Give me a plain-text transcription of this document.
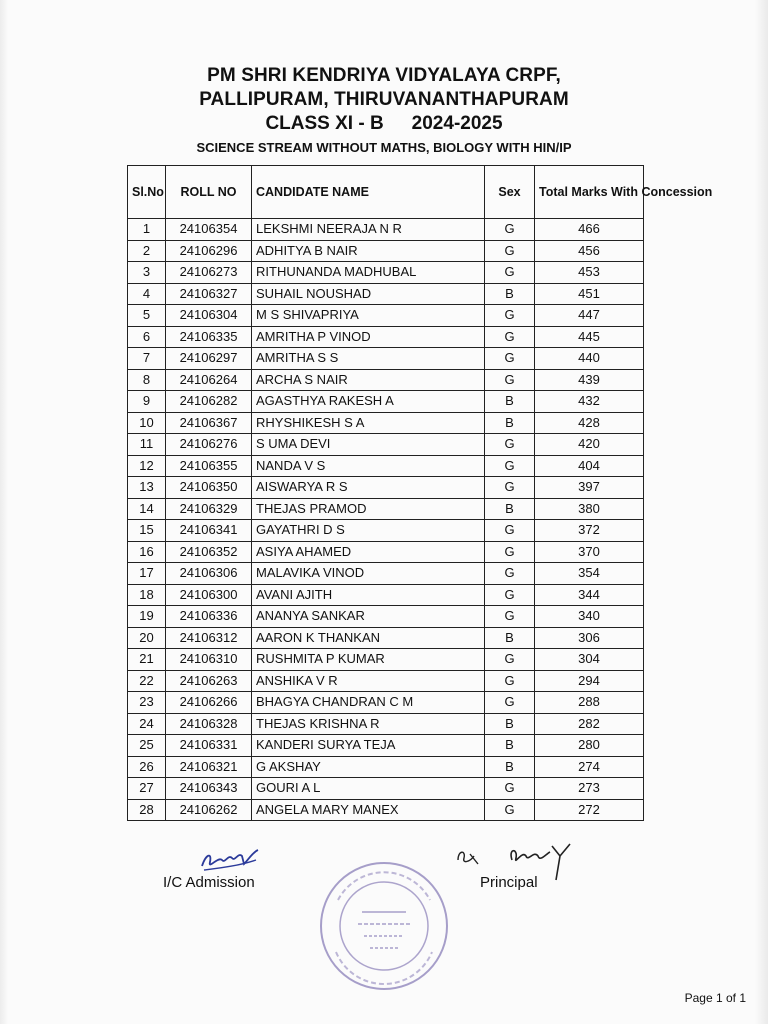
PM SHRI KENDRIYA VIDYALAYA CRPF,
PALLIPURAM, THIRUVANANTHAPURAM
CLASS XI - B 2024-2025
SCIENCE STREAM WITHOUT MATHS, BIOLOGY WITH HIN/IP
Sl.No	ROLL NO	CANDIDATE NAME	Sex	Total Marks With Concession
1	24106354	LEKSHMI NEERAJA N R	G	466
2	24106296	ADHITYA B NAIR	G	456
3	24106273	RITHUNANDA MADHUBAL	G	453
4	24106327	SUHAIL NOUSHAD	B	451
5	24106304	M S SHIVAPRIYA	G	447
6	24106335	AMRITHA P VINOD	G	445
7	24106297	AMRITHA S S	G	440
8	24106264	ARCHA S NAIR	G	439
9	24106282	AGASTHYA RAKESH A	B	432
10	24106367	RHYSHIKESH S A	B	428
11	24106276	S UMA DEVI	G	420
12	24106355	NANDA V S	G	404
13	24106350	AISWARYA R S	G	397
14	24106329	THEJAS PRAMOD	B	380
15	24106341	GAYATHRI D S	G	372
16	24106352	ASIYA AHAMED	G	370
17	24106306	MALAVIKA VINOD	G	354
18	24106300	AVANI AJITH	G	344
19	24106336	ANANYA SANKAR	G	340
20	24106312	AARON K THANKAN	B	306
21	24106310	RUSHMITA P KUMAR	G	304
22	24106263	ANSHIKA V R	G	294
23	24106266	BHAGYA CHANDRAN C M	G	288
24	24106328	THEJAS KRISHNA R	B	282
25	24106331	KANDERI SURYA TEJA	B	280
26	24106321	G AKSHAY	B	274
27	24106343	GOURI A L	G	273
28	24106262	ANGELA MARY MANEX	G	272
I/C Admission	Principal
Page 1 of 1
